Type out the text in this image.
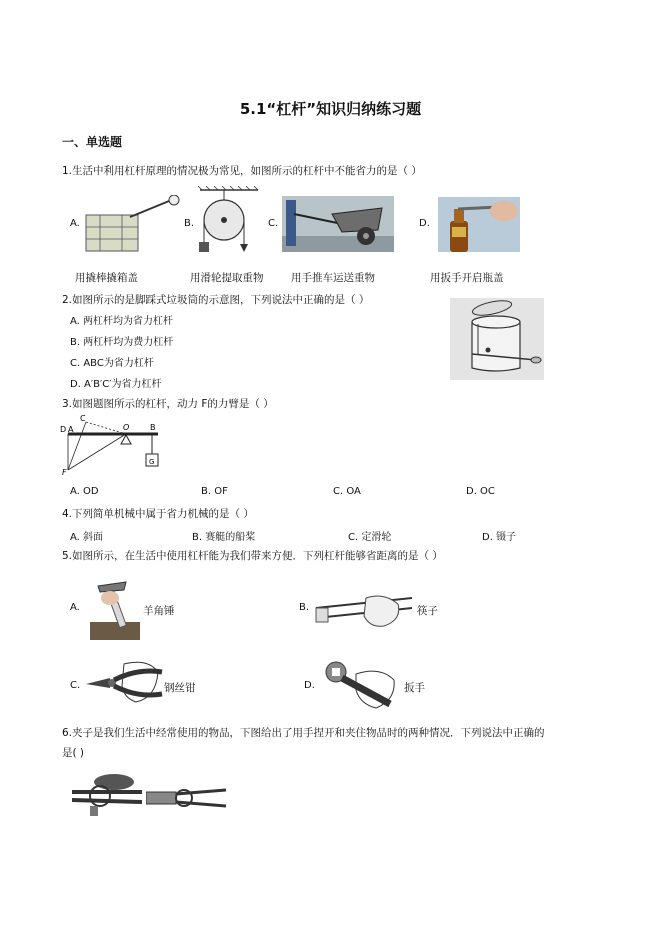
5.1“杠杆”知识归纳练习题
一、单选题
1.生活中利用杠杆原理的情况极为常见，如图所示的杠杆中不能省力的是（ ）
A.	B.	C.	D.
用撬棒撬箱盖	用滑轮提取重物	用手推车运送重物	用扳手开启瓶盖
2.如图所示的是脚踩式垃圾筒的示意图，下列说法中正确的是（ ）
A. 两杠杆均为省力杠杆
B. 两杠杆均为费力杠杆
C. ABC为省力杠杆
D. A′B′C′为省力杠杆
3.如图题图所示的杠杆，动力 F的力臂是（ ）
D A
C
O	B
F
G
A. OD	B. OF	C. OA	D. OC
4.下列简单机械中属于省力机械的是（ ）
A. 斜面	B. 赛艇的船桨	C. 定滑轮	D. 镊子
5.如图所示，在生活中使用杠杆能为我们带来方便．下列杠杆能够省距离的是（ ）
A.	羊角锤	B.	筷子
C.	钢丝钳	D.	扳手
6.夹子是我们生活中经常使用的物品，下图给出了用手捏开和夹住物品时的两种情况．下列说法中正确的
是( )
